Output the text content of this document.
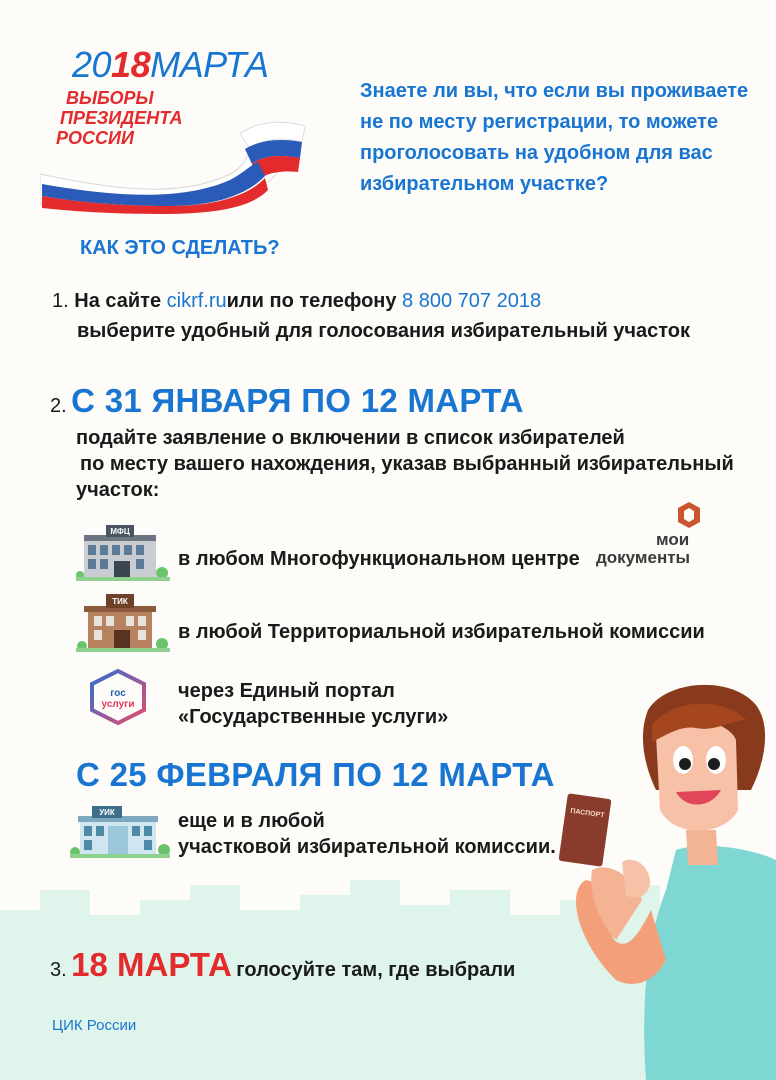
2018МАРТА
ВЫБОРЫ
ПРЕЗИДЕНТА
РОССИИ
Знаете ли вы, что если вы проживаете
не по месту регистрации, то можете
проголосовать на удобном для вас
избирательном участке?
КАК ЭТО СДЕЛАТЬ?
1. На сайте cikrf.ruили по телефону 8 800 707 2018
выберите удобный для голосования избирательный участок
2. С 31 ЯНВАРЯ ПО 12 МАРТА
подайте заявление о включении в список избирателей
по месту вашего нахождения, указав выбранный избирательный
участок:
МФЦ
в любом Многофункциональном центре
мои
документы
ТИК
в любой Территориальной избирательной комиссии
гос
услуги
через Единый портал
«Государственные услуги»
С 25 ФЕВРАЛЯ ПО 12 МАРТА
УИК	еще и в любой
участковой избирательной комиссии.
ПАСПОРТ
3. 18 МАРТА голосуйте там, где выбрали
ЦИК России
